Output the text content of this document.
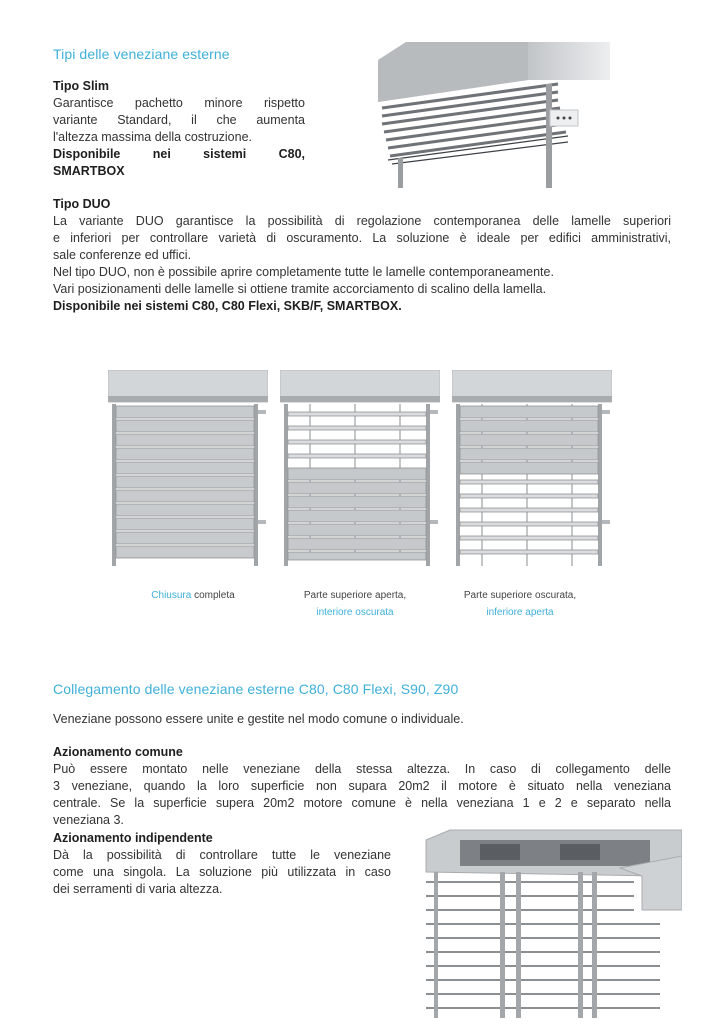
Tipi delle veneziane esterne
Tipo Slim
Garantisce pachetto minore rispetto
variante Standard, il che aumenta
l'altezza massima della costruzione.
Disponibile nei sistemi C80,
SMARTBOX
Tipo DUO
La variante DUO garantisce la possibilità di regolazione contemporanea delle lamelle superiori
e inferiori per controllare varietà di oscuramento. La soluzione è ideale per edifici amministrativi,
sale conferenze ed uffici.
Nel tipo DUO, non è possibile aprire completamente tutte le lamelle contemporaneamente.
Vari posizionamenti delle lamelle si ottiene tramite accorciamento di scalino della lamella.
Disponibile nei sistemi C80, C80 Flexi, SKB/F, SMARTBOX.
Chiusura completa	Parte superiore aperta,
interiore oscurata
Parte superiore oscurata,
inferiore aperta
Collegamento delle veneziane esterne C80, C80 Flexi, S90, Z90
Veneziane possono essere unite e gestite nel modo comune o individuale.
Azionamento comune
Può essere montato nelle veneziane della stessa altezza. In caso di collegamento delle
3 veneziane, quando la loro superficie non supara 20m2 il motore è situato nella veneziana
centrale. Se la superficie supera 20m2 motore comune è nella veneziana 1 e 2 e separato nella
veneziana 3.
Azionamento indipendente
Dà la possibilità di controllare tutte le veneziane
come una singola. La soluzione più utilizzata in caso
dei serramenti di varia altezza.
